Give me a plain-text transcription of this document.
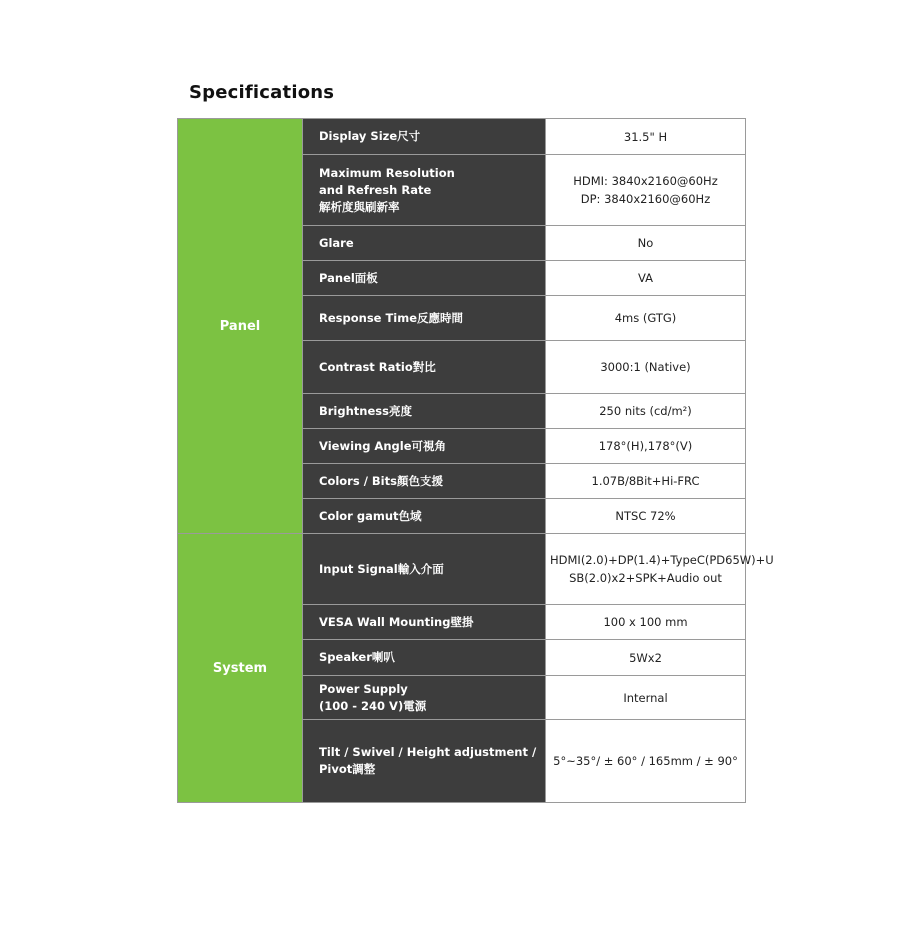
Specifications
Panel	Display Size尺寸	31.5" H

	Maximum Resolution
and Refresh Rate
解析度與刷新率	HDMI: 3840x2160@60Hz
DP: 3840x2160@60Hz

	Glare	No

	Panel面板	VA

	Response Time反應時間	4ms (GTG)

	Contrast Ratio對比	3000:1 (Native)

	Brightness亮度	250 nits (cd/m²)

	Viewing Angle可視角	178°(H),178°(V)

	Colors / Bits顏色支援	1.07B/8Bit+Hi-FRC

	Color gamut色域	NTSC 72%

System	Input Signal輸入介面	HDMI(2.0)+DP(1.4)+TypeC(PD65W)+U
SB(2.0)x2+SPK+Audio out

	VESA Wall Mounting壁掛	100 x 100 mm

	Speaker喇叭	5Wx2

	Power Supply
(100 - 240 V)電源	Internal

	Tilt / Swivel / Height adjustment /
Pivot調整	5°~35°/ ± 60° / 165mm / ± 90°
